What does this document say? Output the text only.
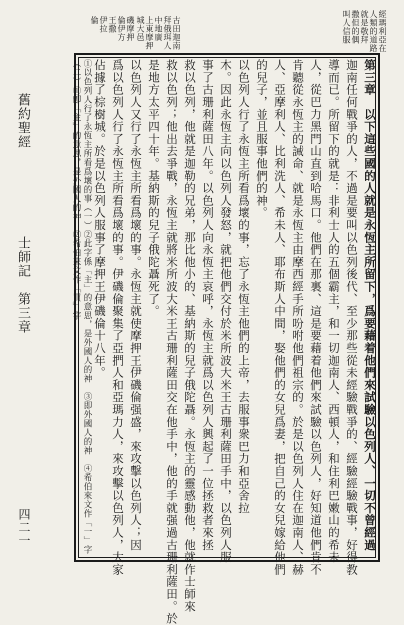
經瑪利亞在
人類的道路
就是敬拜
撒但的偶
叫人信服
古田迦南
拜俄珥人
中地廣
上東摩押
城大邑
磯摩押
倫伊方
王撒
伊拉
倫
第三章　以下這些國的人就是永恆主所留下，爲要藉着他們來試驗以色列人、一切不曾經過
迦南任何戰爭的人，不過是要叫以色列後代、至少那些從未經驗戰爭的、經驗經驗戰事，好得教
導而已。所留下的就是：非利士人的五個霸主，和一切迦南人、西頓人，和住利巴嫩山的希未
人，從巴力黑門山直到哈馬口。他們在那裏、這是要藉着他們來試驗以色列人，好知道他們肯不
肯聽從永恆主的誡命、就是永恆主由摩西經手所吩咐他們祖宗的。於是以色列人住在迦南人、赫
人、亞摩利人、比利洗人、希未人、耶布斯人中間，娶他們的女兒爲妻，把自己的女兒嫁給他們
的兒子，並且服事他們的神。
以色列人行了永恆主所看爲壞的事，忘了永恆主他們的上帝，去服事衆巴力和亞舍拉
木。因此永恆主向以色列人發怒，就把他們交付於米所波大米王古珊利薩田手中，以色列人服
事了古珊利薩田八年。以色列人向永恆主哀呼，永恆主就爲以色列人興起了一位拯救者來拯
救以色列，他就是迦勒的兄弟，那比他小的、基納斯的兒子俄陀聶。永恆主的靈感動他，他就作士師來
救以色列；他出去爭戰，永恆主就將米所波大米王古珊利薩田交在他手中，他的手就强過古珊利薩田。於
是地方太平四十年。基納斯的兒子俄陀聶死了。
以色列人又行了永恆主所看爲壞的事。永恆主就使摩押王伊磯倫强盛，來攻擊以色列人；因
爲以色列人行了永恆主所看爲壞的事。伊磯倫聚集了亞捫人和亞瑪力人，來攻擊以色列人，大家
佔據了棕樹城。於是以色列人服事了摩押王伊磯倫十八年。
①以色列人行了永恆主所看爲壞的事（一）②此字係「主」的意思，是外國人的神　③即外國人的神　④希伯來文作「一」字
（二）①卽「主」的意思，是外國人的神　②希伯來文作「買」字
舊約聖經
士師記　第三章
四二一
